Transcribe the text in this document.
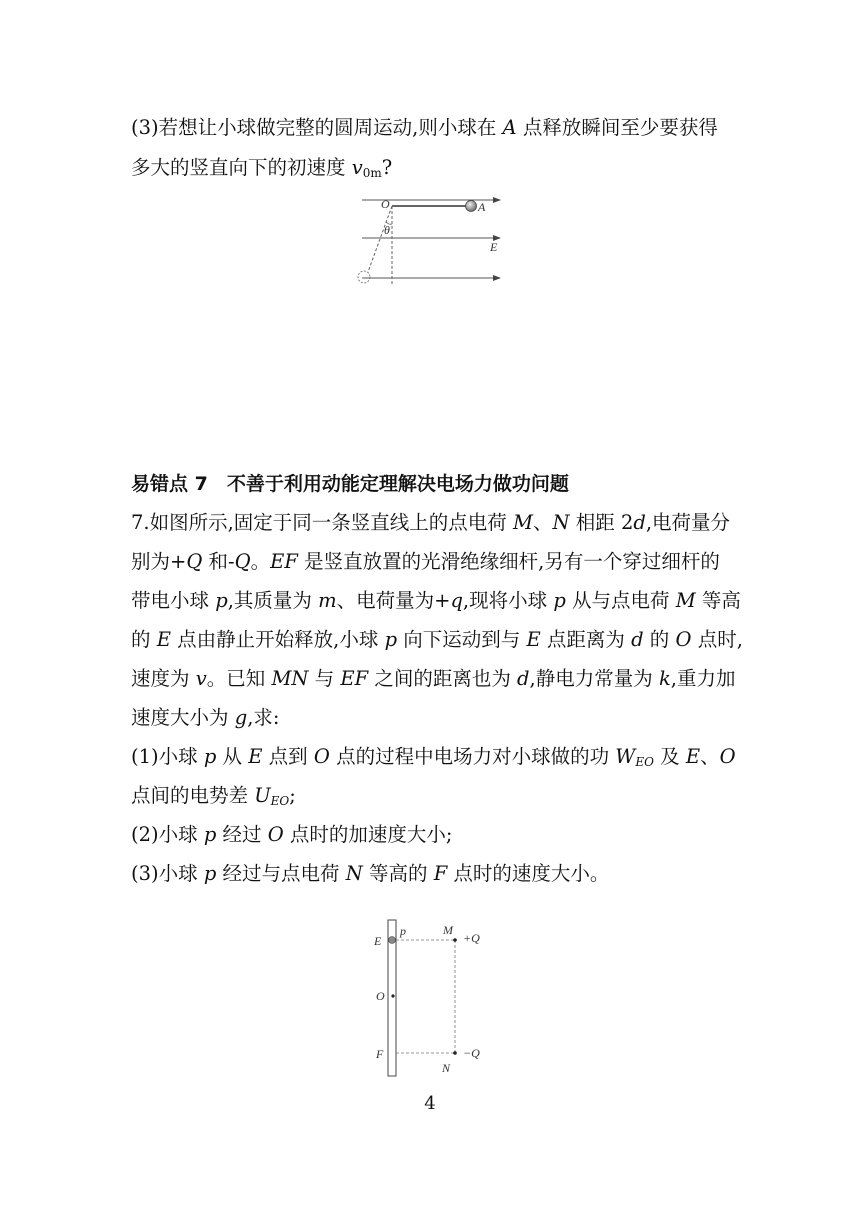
(3)若想让小球做完整的圆周运动,则小球在 A 点释放瞬间至少要获得
多大的竖直向下的初速度 $v_{0m}$?
O	A
θ
E
易错点 7　不善于利用动能定理解决电场力做功问题
7.如图所示,固定于同一条竖直线上的点电荷 M、N 相距 2d,电荷量分
别为+Q 和-Q。EF 是竖直放置的光滑绝缘细杆,另有一个穿过细杆的
带电小球 p,其质量为 m、电荷量为+q,现将小球 p 从与点电荷 M 等高
的 E 点由静止开始释放,小球 p 向下运动到与 E 点距离为 d 的 O 点时,
速度为 v。已知 MN 与 EF 之间的距离也为 d,静电力常量为 k,重力加
速度大小为 g,求:
(1)小球 p 从 E 点到 O 点的过程中电场力对小球做的功 $W_{EO}$ 及 E、O
点间的电势差 $U_{EO}$;
(2)小球 p 经过 O 点时的加速度大小;
(3)小球 p 经过与点电荷 N 等高的 F 点时的速度大小。
E
p	M
+Q
O
F
N
−Q
4
